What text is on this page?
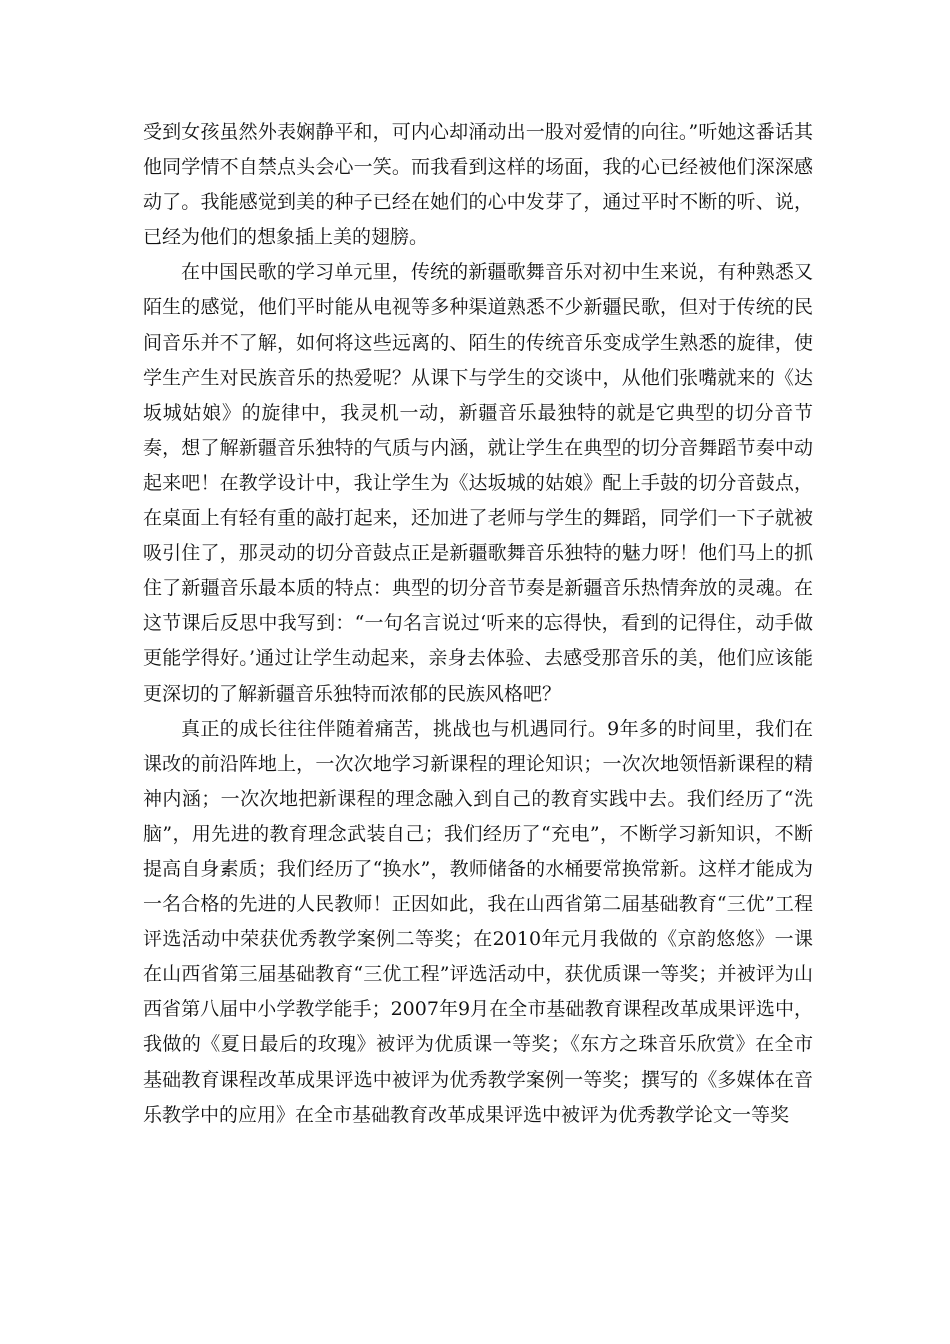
受到女孩虽然外表娴静平和，可内心却涌动出一股对爱情的向往。”听她这番话其他同学情不自禁点头会心一笑。而我看到这样的场面，我的心已经被他们深深感动了。我能感觉到美的种子已经在她们的心中发芽了，通过平时不断的听、说，已经为他们的想象插上美的翅膀。

在中国民歌的学习单元里，传统的新疆歌舞音乐对初中生来说，有种熟悉又陌生的感觉，他们平时能从电视等多种渠道熟悉不少新疆民歌，但对于传统的民间音乐并不了解，如何将这些远离的、陌生的传统音乐变成学生熟悉的旋律，使学生产生对民族音乐的热爱呢？从课下与学生的交谈中，从他们张嘴就来的《达坂城姑娘》的旋律中，我灵机一动，新疆音乐最独特的就是它典型的切分音节奏，想了解新疆音乐独特的气质与内涵，就让学生在典型的切分音舞蹈节奏中动起来吧！在教学设计中，我让学生为《达坂城的姑娘》配上手鼓的切分音鼓点，在桌面上有轻有重的敲打起来，还加进了老师与学生的舞蹈，同学们一下子就被吸引住了，那灵动的切分音鼓点正是新疆歌舞音乐独特的魅力呀！他们马上的抓住了新疆音乐最本质的特点：典型的切分音节奏是新疆音乐热情奔放的灵魂。在这节课后反思中我写到：“一句名言说过‘听来的忘得快，看到的记得住，动手做更能学得好。’通过让学生动起来，亲身去体验、去感受那音乐的美，他们应该能更深切的了解新疆音乐独特而浓郁的民族风格吧？

真正的成长往往伴随着痛苦，挑战也与机遇同行。9年多的时间里，我们在课改的前沿阵地上，一次次地学习新课程的理论知识；一次次地领悟新课程的精神内涵；一次次地把新课程的理念融入到自己的教育实践中去。我们经历了“洗脑”，用先进的教育理念武装自己；我们经历了“充电”，不断学习新知识，不断提高自身素质；我们经历了“换水”，教师储备的水桶要常换常新。这样才能成为一名合格的先进的人民教师！正因如此，我在山西省第二届基础教育“三优”工程评选活动中荣获优秀教学案例二等奖；在2010年元月我做的《京韵悠悠》一课在山西省第三届基础教育“三优工程”评选活动中，获优质课一等奖；并被评为山西省第八届中小学教学能手；2007年9月在全市基础教育课程改革成果评选中，我做的《夏日最后的玫瑰》被评为优质课一等奖；《东方之珠音乐欣赏》在全市基础教育课程改革成果评选中被评为优秀教学案例一等奖；撰写的《多媒体在音乐教学中的应用》在全市基础教育改革成果评选中被评为优秀教学论文一等奖
